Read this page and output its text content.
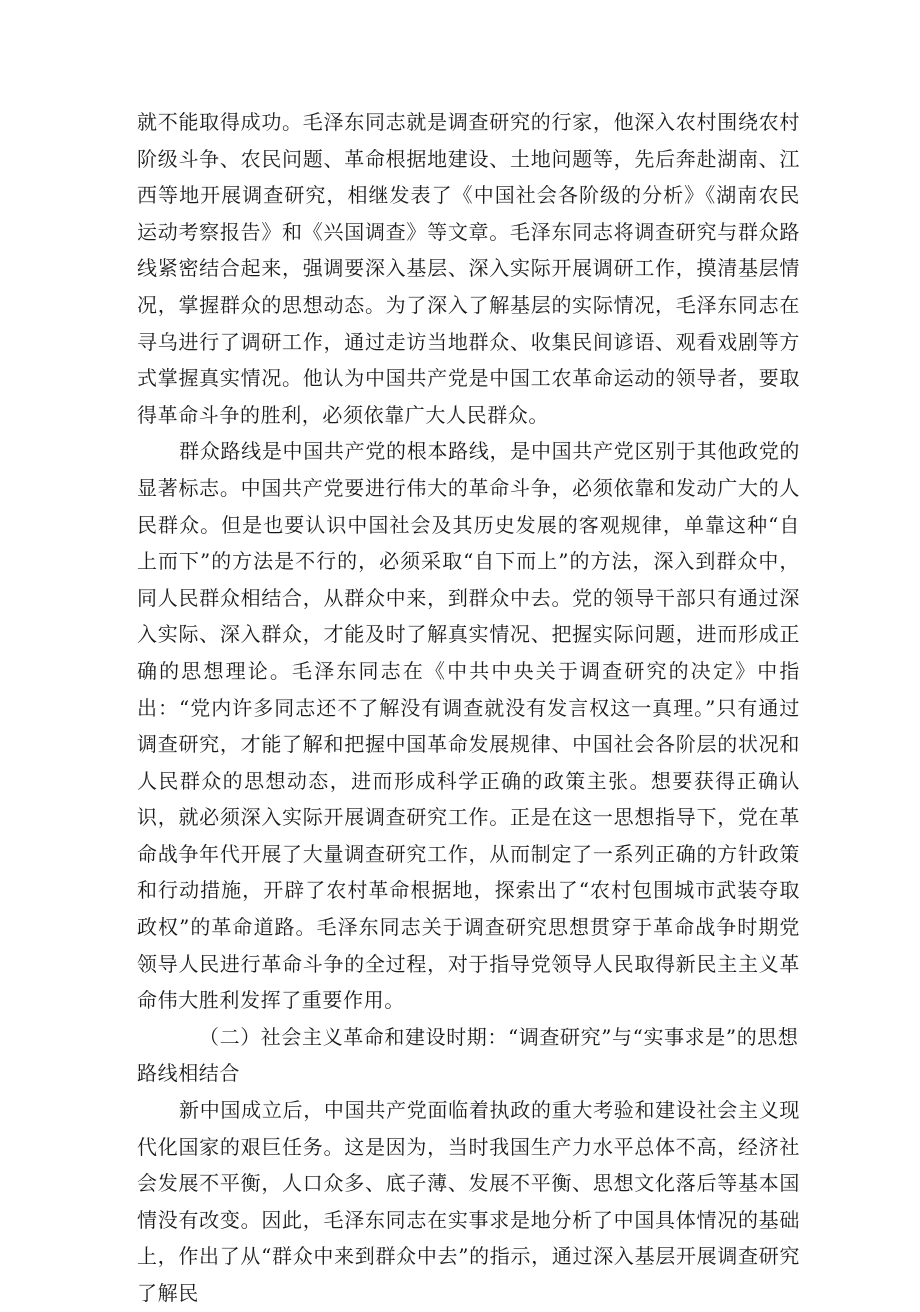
就不能取得成功。毛泽东同志就是调查研究的行家，他深入农村围绕农村阶级斗争、农民问题、革命根据地建设、土地问题等，先后奔赴湖南、江西等地开展调查研究，相继发表了《中国社会各阶级的分析》《湖南农民运动考察报告》和《兴国调查》等文章。毛泽东同志将调查研究与群众路线紧密结合起来，强调要深入基层、深入实际开展调研工作，摸清基层情况，掌握群众的思想动态。为了深入了解基层的实际情况，毛泽东同志在寻乌进行了调研工作，通过走访当地群众、收集民间谚语、观看戏剧等方式掌握真实情况。他认为中国共产党是中国工农革命运动的领导者，要取得革命斗争的胜利，必须依靠广大人民群众。

群众路线是中国共产党的根本路线，是中国共产党区别于其他政党的显著标志。中国共产党要进行伟大的革命斗争，必须依靠和发动广大的人民群众。但是也要认识中国社会及其历史发展的客观规律，单靠这种“自上而下”的方法是不行的，必须采取“自下而上”的方法，深入到群众中，同人民群众相结合，从群众中来，到群众中去。党的领导干部只有通过深入实际、深入群众，才能及时了解真实情况、把握实际问题，进而形成正确的思想理论。毛泽东同志在《中共中央关于调查研究的决定》中指出：“党内许多同志还不了解没有调查就没有发言权这一真理。”只有通过调查研究，才能了解和把握中国革命发展规律、中国社会各阶层的状况和人民群众的思想动态，进而形成科学正确的政策主张。想要获得正确认识，就必须深入实际开展调查研究工作。正是在这一思想指导下，党在革命战争年代开展了大量调查研究工作，从而制定了一系列正确的方针政策和行动措施，开辟了农村革命根据地，探索出了“农村包围城市武装夺取政权”的革命道路。毛泽东同志关于调查研究思想贯穿于革命战争时期党领导人民进行革命斗争的全过程，对于指导党领导人民取得新民主主义革命伟大胜利发挥了重要作用。

（二）社会主义革命和建设时期：“调查研究”与“实事求是”的思想路线相结合

新中国成立后，中国共产党面临着执政的重大考验和建设社会主义现代化国家的艰巨任务。这是因为，当时我国生产力水平总体不高，经济社会发展不平衡，人口众多、底子薄、发展不平衡、思想文化落后等基本国情没有改变。因此，毛泽东同志在实事求是地分析了中国具体情况的基础上，作出了从“群众中来到群众中去”的指示，通过深入基层开展调查研究了解民
